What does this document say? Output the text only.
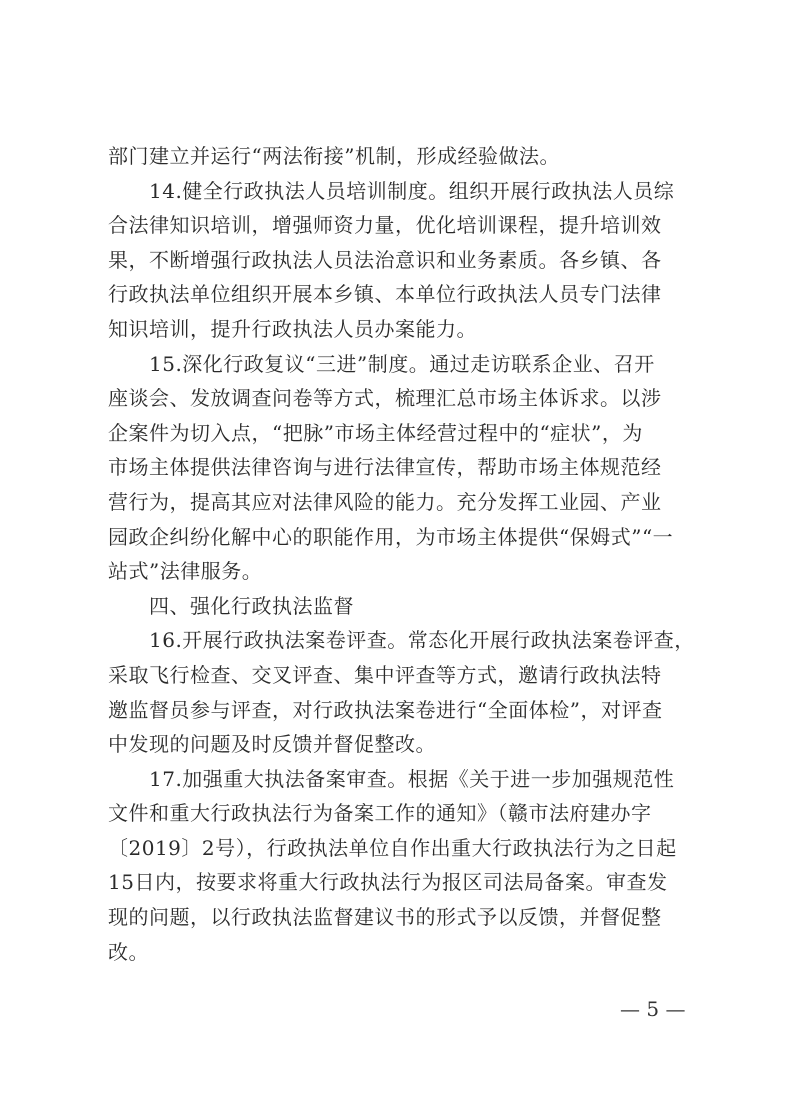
部门建立并运行“两法衔接”机制，形成经验做法。
　　14.健全行政执法人员培训制度。组织开展行政执法人员综
合法律知识培训，增强师资力量，优化培训课程，提升培训效
果，不断增强行政执法人员法治意识和业务素质。各乡镇、各
行政执法单位组织开展本乡镇、本单位行政执法人员专门法律
知识培训，提升行政执法人员办案能力。
　　15.深化行政复议“三进”制度。通过走访联系企业、召开
座谈会、发放调查问卷等方式，梳理汇总市场主体诉求。以涉
企案件为切入点，“把脉”市场主体经营过程中的“症状”，为
市场主体提供法律咨询与进行法律宣传，帮助市场主体规范经
营行为，提高其应对法律风险的能力。充分发挥工业园、产业
园政企纠纷化解中心的职能作用，为市场主体提供“保姆式”“一
站式”法律服务。
　　四、强化行政执法监督
　　16.开展行政执法案卷评查。常态化开展行政执法案卷评查，
采取飞行检查、交叉评查、集中评查等方式，邀请行政执法特
邀监督员参与评查，对行政执法案卷进行“全面体检”，对评查
中发现的问题及时反馈并督促整改。
　　17.加强重大执法备案审查。根据《关于进一步加强规范性
文件和重大行政执法行为备案工作的通知》（赣市法府建办字
〔2019〕2号），行政执法单位自作出重大行政执法行为之日起
15日内，按要求将重大行政执法行为报区司法局备案。审查发
现的问题，以行政执法监督建议书的形式予以反馈，并督促整
改。
— 5 —
